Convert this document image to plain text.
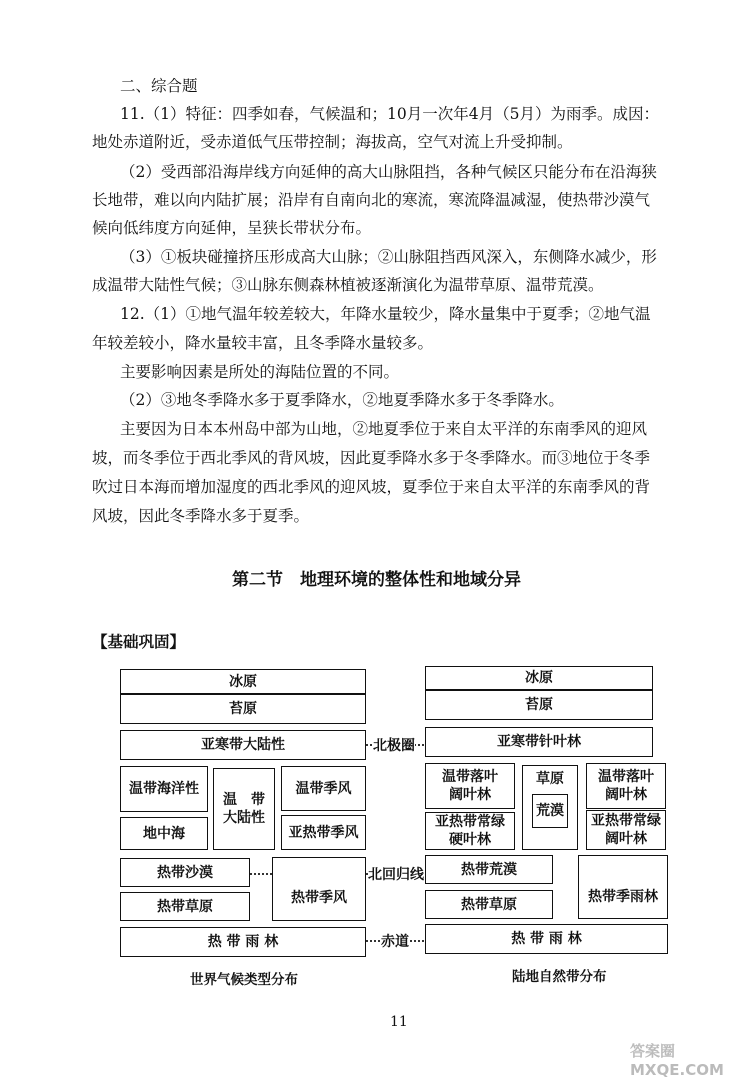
二、综合题
11.（1）特征：四季如春，气候温和；10月一次年4月（5月）为雨季。成因：
地处赤道附近，受赤道低气压带控制；海拔高，空气对流上升受抑制。
（2）受西部沿海岸线方向延伸的高大山脉阻挡，各种气候区只能分布在沿海狭
长地带，难以向内陆扩展；沿岸有自南向北的寒流，寒流降温减湿，使热带沙漠气
候向低纬度方向延伸，呈狭长带状分布。
（3）①板块碰撞挤压形成高大山脉；②山脉阻挡西风深入，东侧降水减少，形
成温带大陆性气候；③山脉东侧森林植被逐渐演化为温带草原、温带荒漠。
12.（1）①地气温年较差较大，年降水量较少，降水量集中于夏季；②地气温
年较差较小，降水量较丰富，且冬季降水量较多。
主要影响因素是所处的海陆位置的不同。
（2）③地冬季降水多于夏季降水，②地夏季降水多于冬季降水。
主要因为日本本州岛中部为山地，②地夏季位于来自太平洋的东南季风的迎风
坡，而冬季位于西北季风的背风坡，因此夏季降水多于冬季降水。而③地位于冬季
吹过日本海而增加湿度的西北季风的迎风坡，夏季位于来自太平洋的东南季风的背
风坡，因此冬季降水多于夏季。
第二节　地理环境的整体性和地域分异
【基础巩固】
冰原
苔原
亚寒带大陆性
温带海洋性
地中海
温　带
大陆性
温带季风
亚热带季风
热带沙漠
热带草原
热带季风
热 带 雨 林
北极圈
北回归线
赤道
冰原
苔原
亚寒带针叶林
温带落叶
阔叶林
亚热带常绿
硬叶林
草原
荒漠
温带落叶
阔叶林
亚热带常绿
阔叶林
热带荒漠
热带草原	热带季雨林
热 带 雨 林
世界气候类型分布	陆地自然带分布
11
答案圈 MXQE.COM
